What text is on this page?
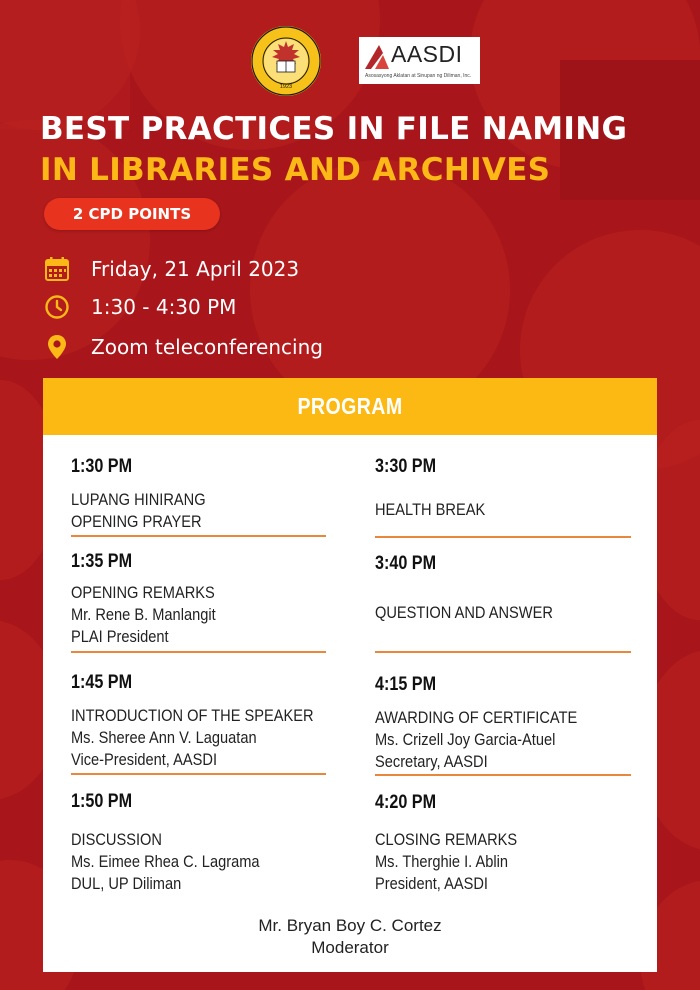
1923
AASDI
Asosasyong Aklatan at Sinupan ng Diliman, Inc.
BEST PRACTICES IN FILE NAMING
IN LIBRARIES AND ARCHIVES
2 CPD POINTS
Friday, 21 April 2023
1:30 - 4:30 PM
Zoom teleconferencing
PROGRAM
1:30 PM
LUPANG HINIRANG
OPENING PRAYER
1:35 PM
OPENING REMARKS
Mr. Rene B. Manlangit
PLAI President
1:45 PM
INTRODUCTION OF THE SPEAKER
Ms. Sheree Ann V. Laguatan
Vice-President, AASDI
1:50 PM
DISCUSSION
Ms. Eimee Rhea C. Lagrama
DUL, UP Diliman
3:30 PM
HEALTH BREAK
3:40 PM
QUESTION AND ANSWER
4:15 PM
AWARDING OF CERTIFICATE
Ms. Crizell Joy Garcia-Atuel
Secretary, AASDI
4:20 PM
CLOSING REMARKS
Ms. Therghie I. Ablin
President, AASDI
Mr. Bryan Boy C. Cortez
Moderator
